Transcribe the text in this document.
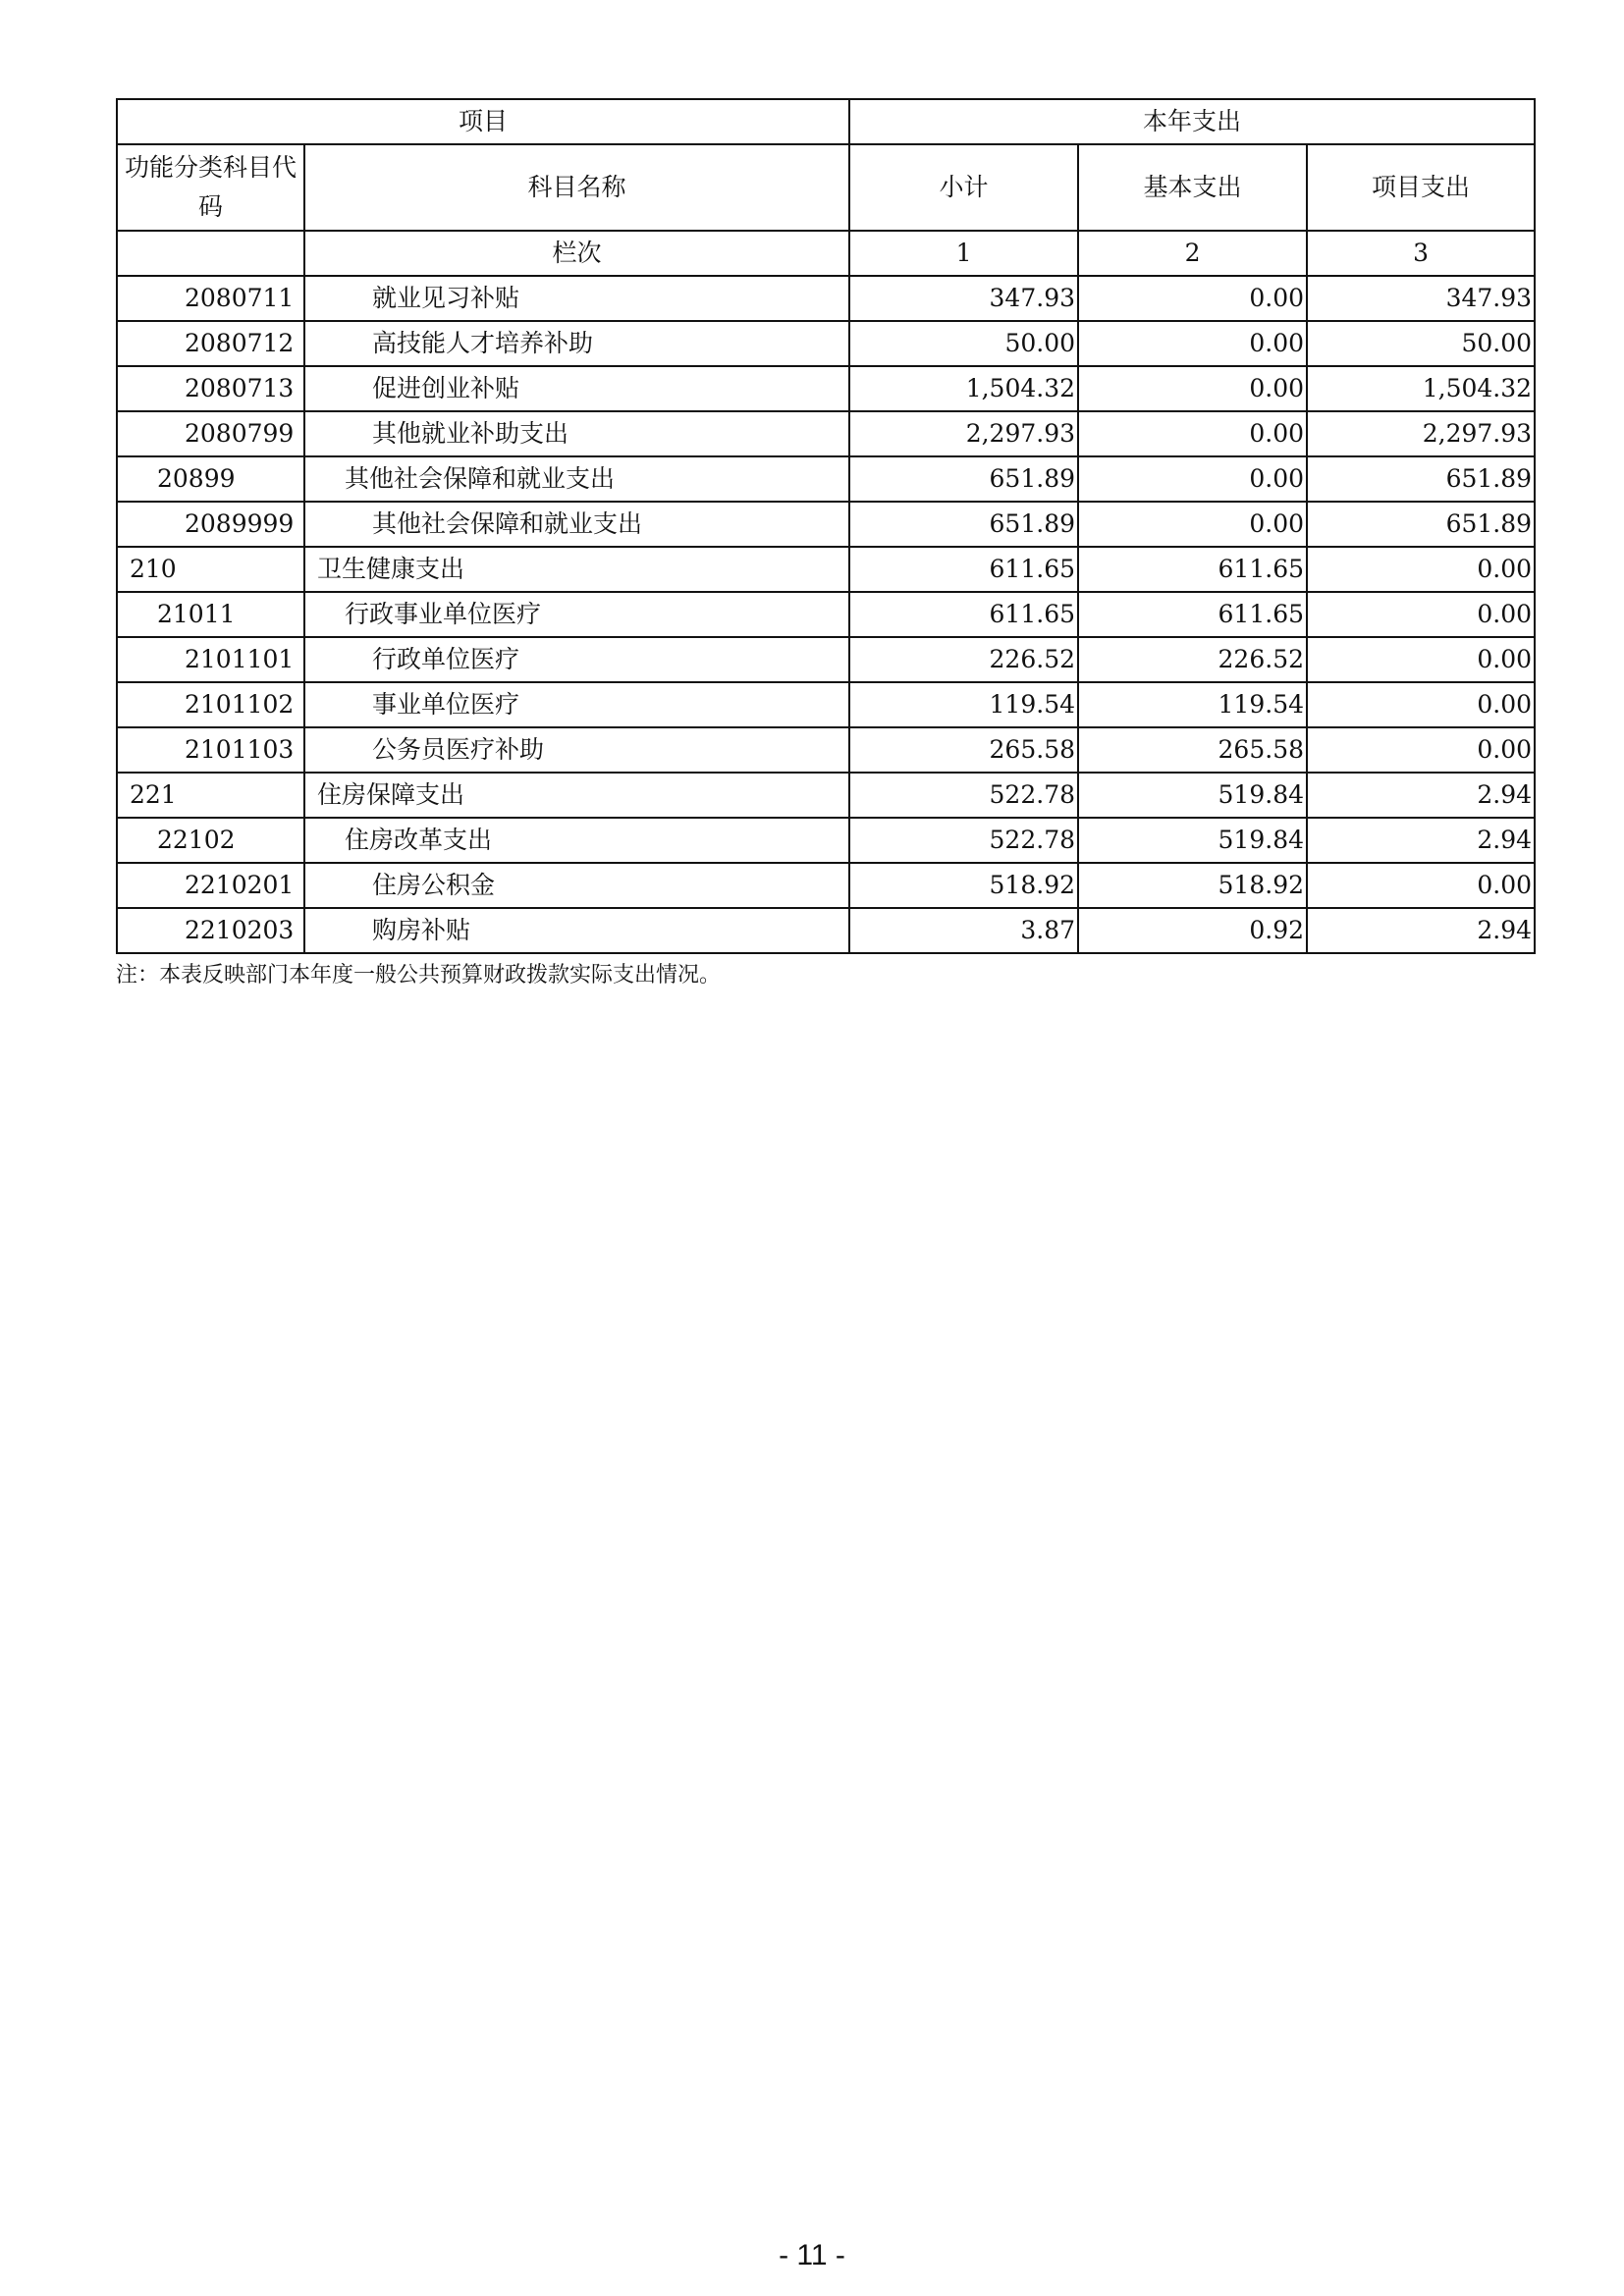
项目		本年支出		
功能分类科目代码	科目名称	小计	基本支出	项目支出
	栏次	1	2	3
2080711	就业见习补贴	347.93	0.00	347.93
2080712	高技能人才培养补助	50.00	0.00	50.00
2080713	促进创业补贴	1,504.32	0.00	1,504.32
2080799	其他就业补助支出	2,297.93	0.00	2,297.93
20899	其他社会保障和就业支出	651.89	0.00	651.89
2089999	其他社会保障和就业支出	651.89	0.00	651.89
210	卫生健康支出	611.65	611.65	0.00
21011	行政事业单位医疗	611.65	611.65	0.00
2101101	行政单位医疗	226.52	226.52	0.00
2101102	事业单位医疗	119.54	119.54	0.00
2101103	公务员医疗补助	265.58	265.58	0.00
221	住房保障支出	522.78	519.84	2.94
22102	住房改革支出	522.78	519.84	2.94
2210201	住房公积金	518.92	518.92	0.00
2210203	购房补贴	3.87	0.92	2.94
注：本表反映部门本年度一般公共预算财政拨款实际支出情况。
- 11 -
